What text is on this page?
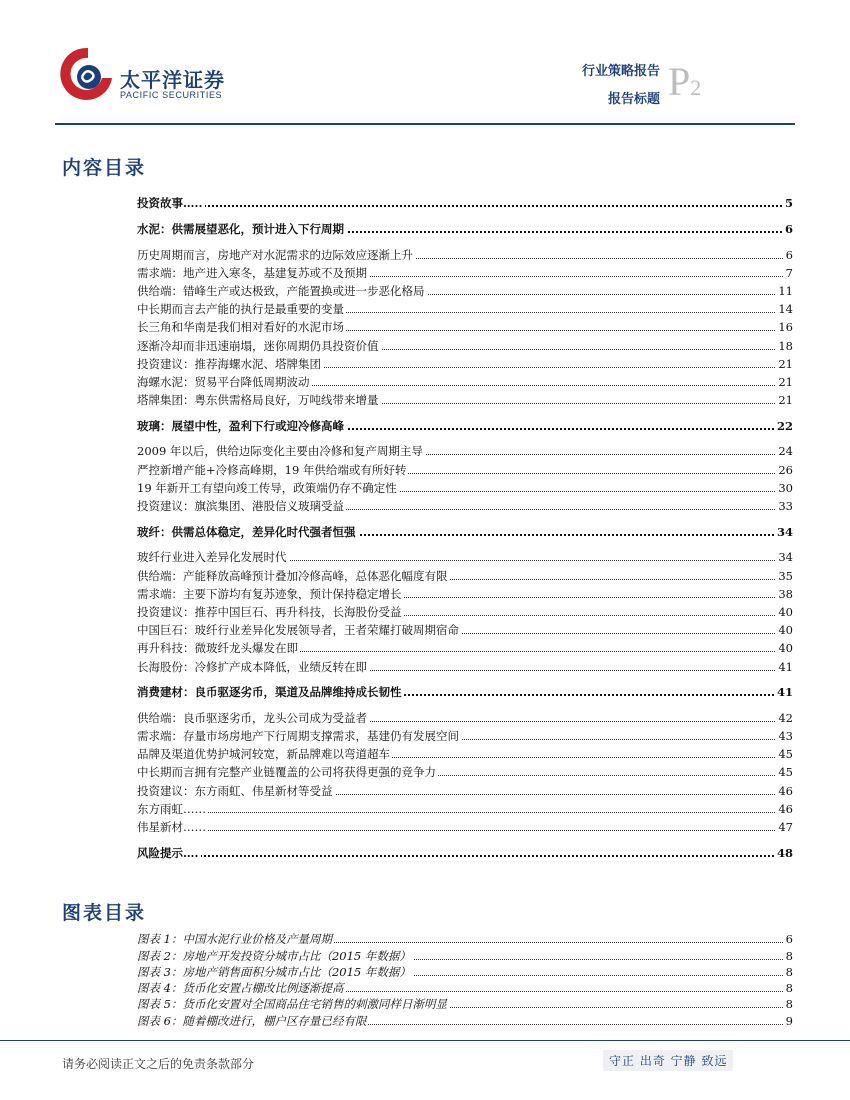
太平洋证券
PACIFIC SECURITIES
行业策略报告
报告标题 P2
内容目录
投资故事…..	5
水泥：供需展望恶化，预计进入下行周期	6
历史周期而言，房地产对水泥需求的边际效应逐渐上升	6
需求端：地产进入寒冬，基建复苏或不及预期	7
供给端：错峰生产或达极致，产能置换或进一步恶化格局	11
中长期而言去产能的执行是最重要的变量	14
长三角和华南是我们相对看好的水泥市场	16
逐渐冷却而非迅速崩塌，迷你周期仍具投资价值	18
投资建议：推荐海螺水泥、塔牌集团	21
海螺水泥：贸易平台降低周期波动	21
塔牌集团：粤东供需格局良好，万吨线带来增量	21
玻璃：展望中性，盈利下行或迎冷修高峰	22
2009 年以后，供给边际变化主要由冷修和复产周期主导	24
严控新增产能+冷修高峰期，19 年供给端或有所好转	26
19 年新开工有望向竣工传导，政策端仍存不确定性	30
投资建议：旗滨集团、港股信义玻璃受益	33
玻纤：供需总体稳定，差异化时代强者恒强	34
玻纤行业进入差异化发展时代	34
供给端：产能释放高峰预计叠加冷修高峰，总体恶化幅度有限	35
需求端：主要下游均有复苏迹象，预计保持稳定增长	38
投资建议：推荐中国巨石、再升科技，长海股份受益	40
中国巨石：玻纤行业差异化发展领导者，王者荣耀打破周期宿命	40
再升科技：微玻纤龙头爆发在即	40
长海股份：冷修扩产成本降低，业绩反转在即	41
消费建材：良币驱逐劣币，渠道及品牌维持成长韧性	41
供给端：良币驱逐劣币，龙头公司成为受益者	42
需求端：存量市场房地产下行周期支撑需求，基建仍有发展空间	43
品牌及渠道优势护城河较宽，新品牌难以弯道超车	45
中长期而言拥有完整产业链覆盖的公司将获得更强的竞争力	45
投资建议：东方雨虹、伟星新材等受益	46
东方雨虹……	46
伟星新材……	47
风险提示….	48
图表目录
图表 1：中国水泥行业价格及产量周期	6
图表 2：房地产开发投资分城市占比（2015 年数据）	8
图表 3：房地产销售面积分城市占比（2015 年数据）	8
图表 4：货币化安置占棚改比例逐渐提高	8
图表 5：货币化安置对全国商品住宅销售的刺激同样日渐明显	8
图表 6：随着棚改进行，棚户区存量已经有限	9
请务必阅读正文之后的免责条款部分	守正 出奇 宁静 致远
